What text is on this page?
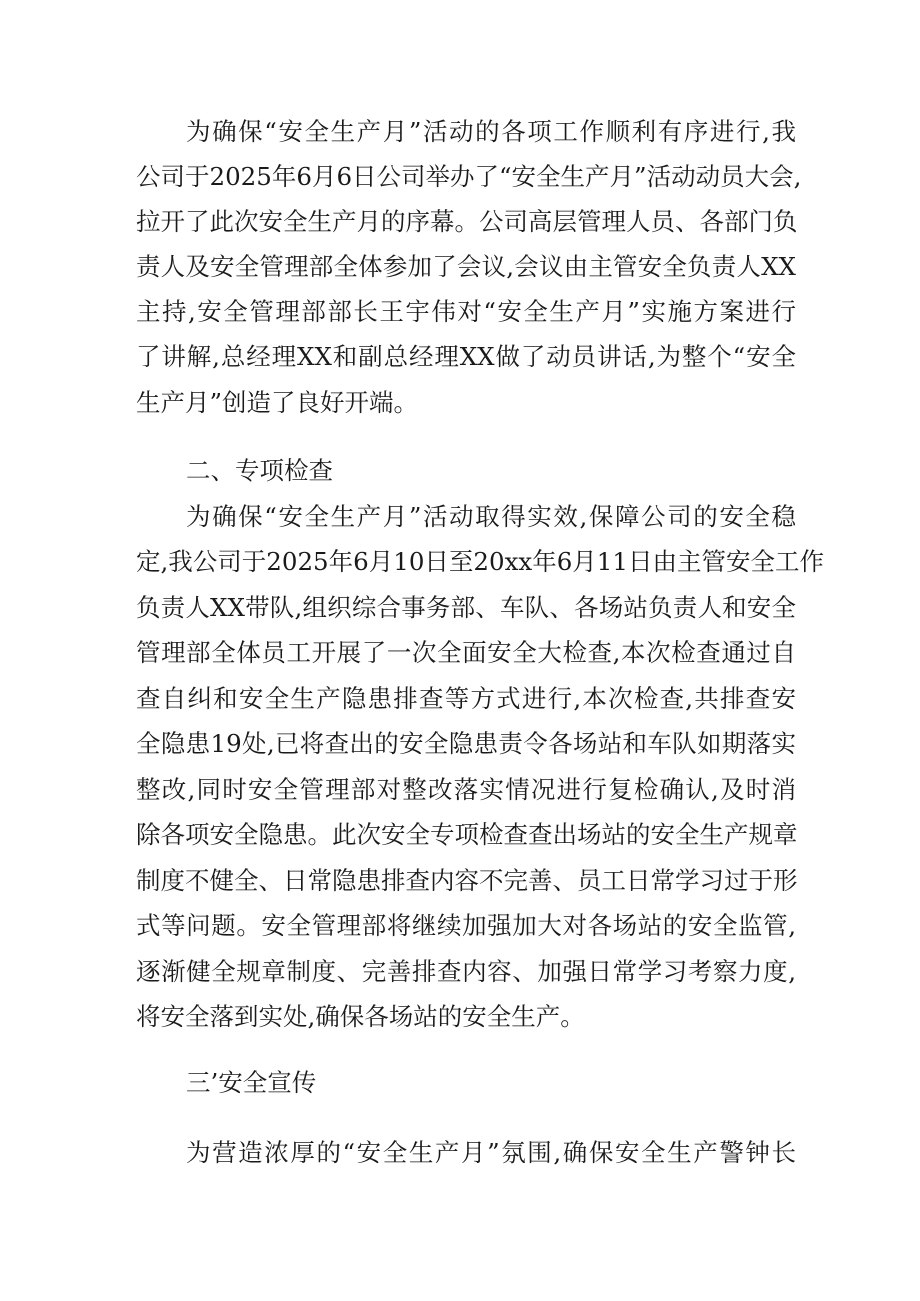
为确保“安全生产月”活动的各项工作顺利有序进行,我
公司于2025年6月6日公司举办了“安全生产月”活动动员大会,
拉开了此次安全生产月的序幕。公司高层管理人员、各部门负
责人及安全管理部全体参加了会议,会议由主管安全负责人XX
主持,安全管理部部长王宇伟对“安全生产月”实施方案进行
了讲解,总经理XX和副总经理XX做了动员讲话,为整个“安全
生产月”创造了良好开端。
二、专项检查
为确保“安全生产月”活动取得实效,保障公司的安全稳
定,我公司于2025年6月10日至20xx年6月11日由主管安全工作
负责人XX带队,组织综合事务部、车队、各场站负责人和安全
管理部全体员工开展了一次全面安全大检查,本次检查通过自
查自纠和安全生产隐患排查等方式进行,本次检查,共排查安
全隐患19处,已将查出的安全隐患责令各场站和车队如期落实
整改,同时安全管理部对整改落实情况进行复检确认,及时消
除各项安全隐患。此次安全专项检查查出场站的安全生产规章
制度不健全、日常隐患排查内容不完善、员工日常学习过于形
式等问题。安全管理部将继续加强加大对各场站的安全监管,
逐渐健全规章制度、完善排查内容、加强日常学习考察力度,
将安全落到实处,确保各场站的安全生产。
三’安全宣传
为营造浓厚的“安全生产月”氛围,确保安全生产警钟长
